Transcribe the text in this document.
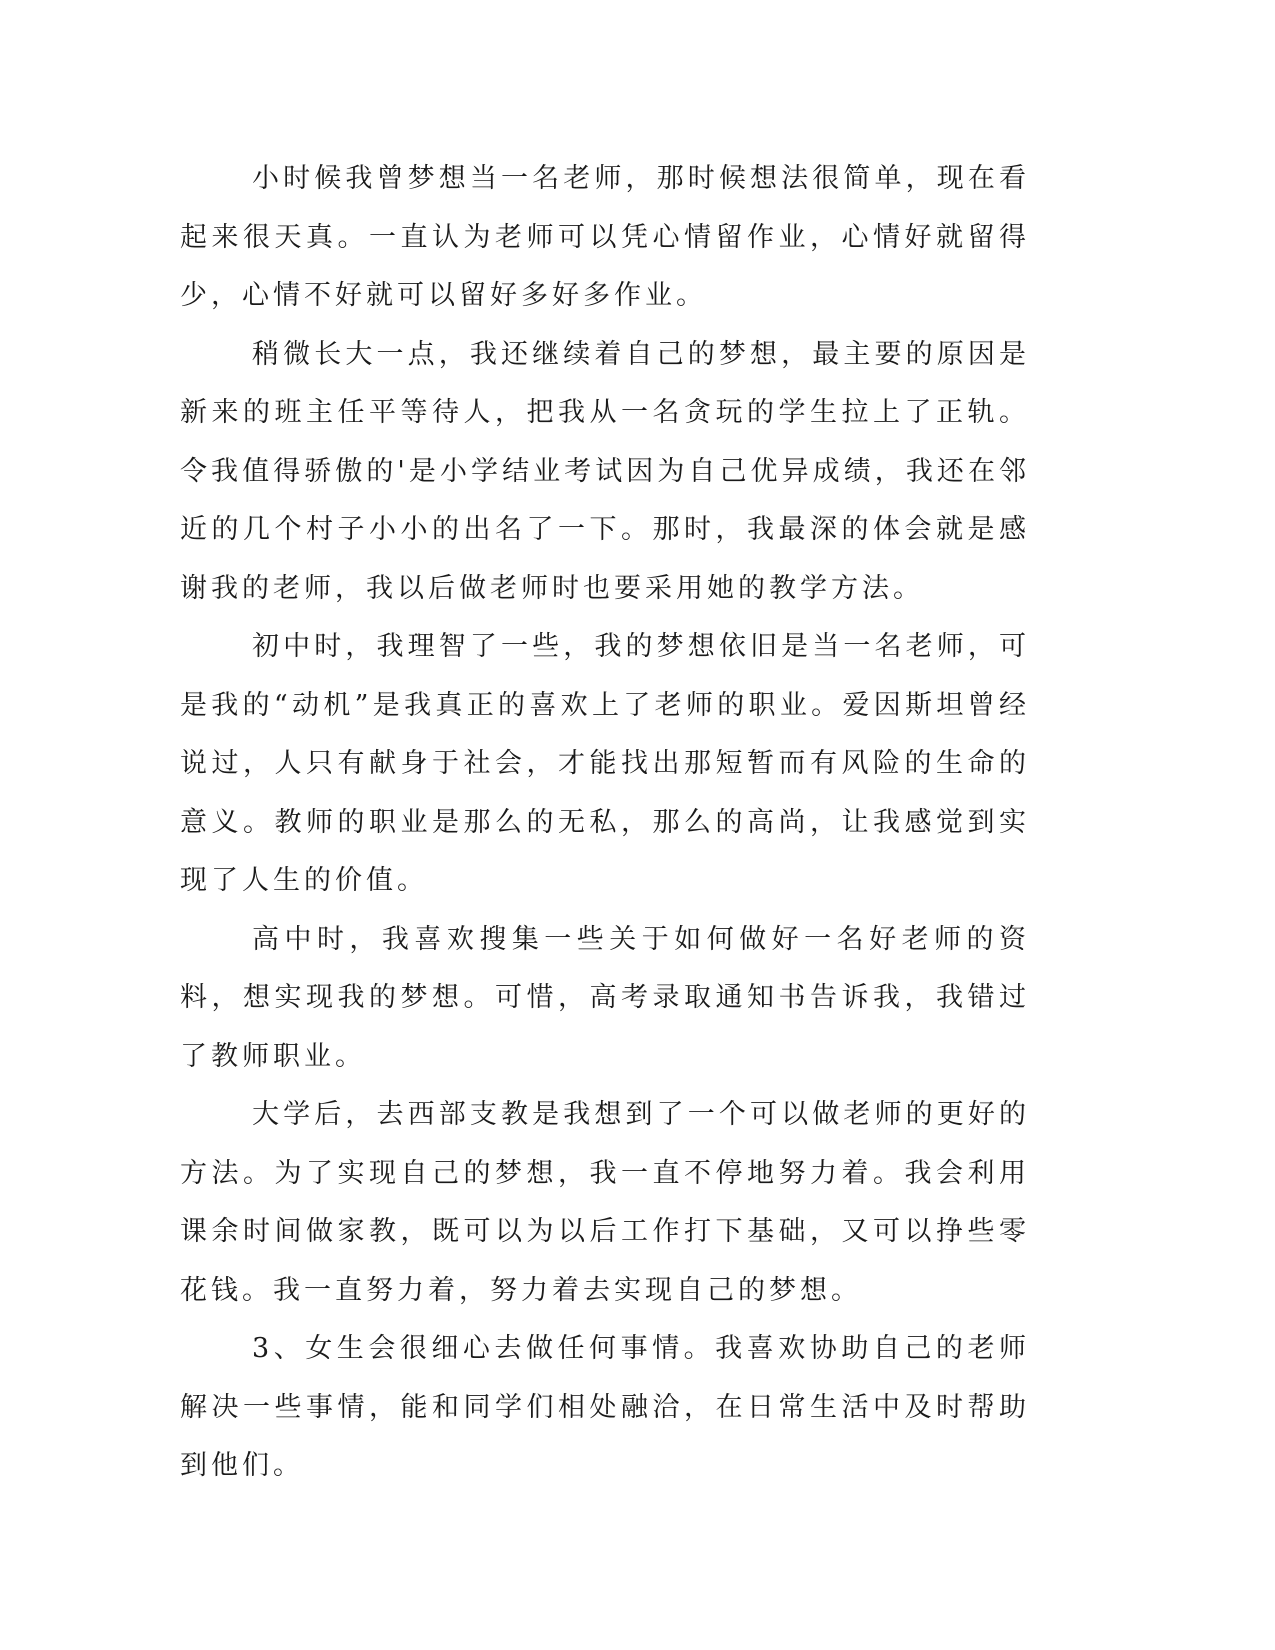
小时候我曾梦想当一名老师，那时候想法很简单，现在看起来很天真。一直认为老师可以凭心情留作业，心情好就留得少，心情不好就可以留好多好多作业。

稍微长大一点，我还继续着自己的梦想，最主要的原因是新来的班主任平等待人，把我从一名贪玩的学生拉上了正轨。令我值得骄傲的'是小学结业考试因为自己优异成绩，我还在邻近的几个村子小小的出名了一下。那时，我最深的体会就是感谢我的老师，我以后做老师时也要采用她的教学方法。

初中时，我理智了一些，我的梦想依旧是当一名老师，可是我的“动机”是我真正的喜欢上了老师的职业。爱因斯坦曾经说过，人只有献身于社会，才能找出那短暂而有风险的生命的意义。教师的职业是那么的无私，那么的高尚，让我感觉到实现了人生的价值。

高中时，我喜欢搜集一些关于如何做好一名好老师的资料，想实现我的梦想。可惜，高考录取通知书告诉我，我错过了教师职业。

大学后，去西部支教是我想到了一个可以做老师的更好的方法。为了实现自己的梦想，我一直不停地努力着。我会利用课余时间做家教，既可以为以后工作打下基础，又可以挣些零花钱。我一直努力着，努力着去实现自己的梦想。

3、女生会很细心去做任何事情。我喜欢协助自己的老师解决一些事情，能和同学们相处融洽，在日常生活中及时帮助到他们。
